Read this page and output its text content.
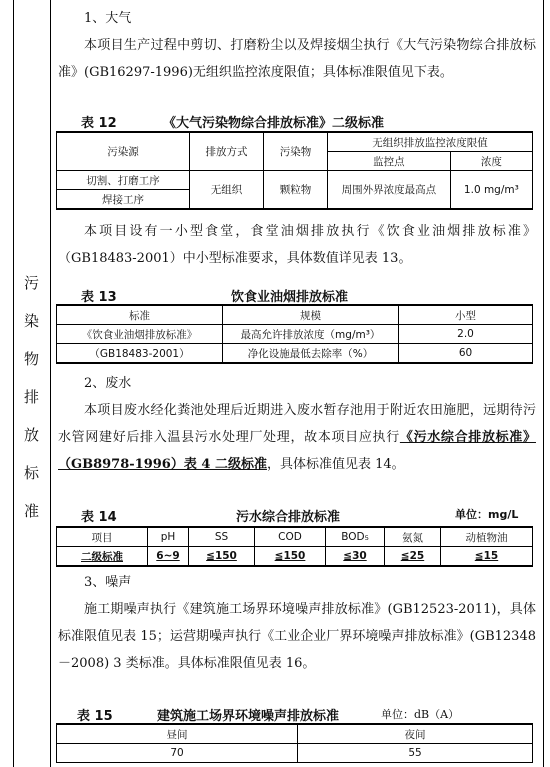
污
染
物
排
放
标
准

1、大气

本项目生产过程中剪切、打磨粉尘以及焊接烟尘执行《大气污染物综合排放标准》(GB16297-1996)无组织监控浓度限值；具体标准限值见下表。

表 12	《大气污染物综合排放标准》二级标准
污染源	排放方式	污染物	无组织排放监控浓度限值	
			监控点	浓度
切割、打磨工序	无组织	颗粒物	周围外界浓度最高点	1.0 mg/m³
焊接工序				

本项目设有一小型食堂，食堂油烟排放执行《饮食业油烟排放标准》（GB18483-2001）中小型标准要求，具体数值详见表 13。

表 13	饮食业油烟排放标准
标准	规模	小型
《饮食业油烟排放标准》	最高允许排放浓度（mg/m³）	2.0
（GB18483-2001）	净化设施最低去除率（%）	60

2、废水

本项目废水经化粪池处理后近期进入废水暂存池用于附近农田施肥，远期待污水管网建好后排入温县污水处理厂处理，故本项目应执行《污水综合排放标准》（GB8978-1996）表 4 二级标准，具体标准值见表 14。

表 14	污水综合排放标准	单位：mg/L
项目	pH	SS	COD	BOD₅	氨氮	动植物油
二级标准	6~9	≦150	≦150	≦30	≦25	≦15

3、噪声

施工期噪声执行《建筑施工场界环境噪声排放标准》(GB12523-2011)，具体标准限值见表 15；运营期噪声执行《工业企业厂界环境噪声排放标准》(GB12348－2008) 3 类标准。具体标准限值见表 16。

表 15	建筑施工场界环境噪声排放标准	单位：dB（A）
昼间	夜间
70	55
